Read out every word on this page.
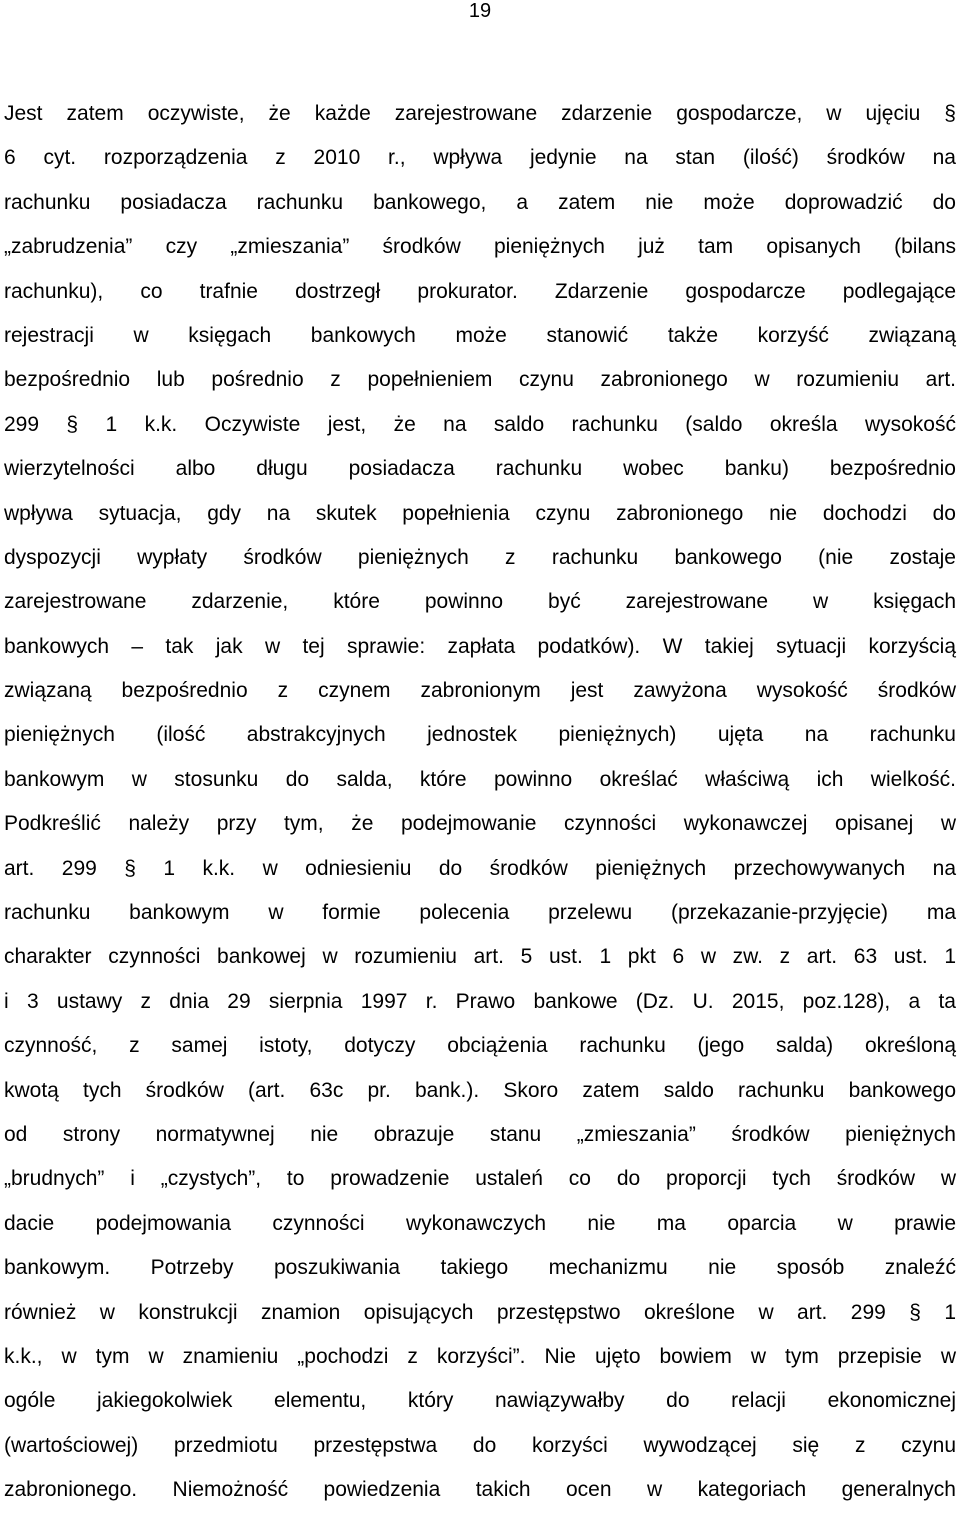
19
Jest zatem oczywiste, że każde zarejestrowane zdarzenie gospodarcze, w ujęciu §
6 cyt. rozporządzenia z 2010 r., wpływa jedynie na stan (ilość) środków na
rachunku posiadacza rachunku bankowego, a zatem nie może doprowadzić do
„zabrudzenia” czy „zmieszania” środków pieniężnych już tam opisanych (bilans
rachunku), co trafnie dostrzegł prokurator. Zdarzenie gospodarcze podlegające
rejestracji w księgach bankowych może stanowić także korzyść związaną
bezpośrednio lub pośrednio z popełnieniem czynu zabronionego w rozumieniu art.
299 § 1 k.k. Oczywiste jest, że na saldo rachunku (saldo określa wysokość
wierzytelności albo długu posiadacza rachunku wobec banku) bezpośrednio
wpływa sytuacja, gdy na skutek popełnienia czynu zabronionego nie dochodzi do
dyspozycji wypłaty środków pieniężnych z rachunku bankowego (nie zostaje
zarejestrowane zdarzenie, które powinno być zarejestrowane w księgach
bankowych – tak jak w tej sprawie: zapłata podatków). W takiej sytuacji korzyścią
związaną bezpośrednio z czynem zabronionym jest zawyżona wysokość środków
pieniężnych (ilość abstrakcyjnych jednostek pieniężnych) ujęta na rachunku
bankowym w stosunku do salda, które powinno określać właściwą ich wielkość.
Podkreślić należy przy tym, że podejmowanie czynności wykonawczej opisanej w
art. 299 § 1 k.k. w odniesieniu do środków pieniężnych przechowywanych na
rachunku bankowym w formie polecenia przelewu (przekazanie-przyjęcie) ma
charakter czynności bankowej w rozumieniu art. 5 ust. 1 pkt 6 w zw. z art. 63 ust. 1
i 3 ustawy z dnia 29 sierpnia 1997 r. Prawo bankowe (Dz. U. 2015, poz.128), a ta
czynność, z samej istoty, dotyczy obciążenia rachunku (jego salda) określoną
kwotą tych środków (art. 63c pr. bank.). Skoro zatem saldo rachunku bankowego
od strony normatywnej nie obrazuje stanu „zmieszania” środków pieniężnych
„brudnych” i „czystych”, to prowadzenie ustaleń co do proporcji tych środków w
dacie podejmowania czynności wykonawczych nie ma oparcia w prawie
bankowym. Potrzeby poszukiwania takiego mechanizmu nie sposób znaleźć
również w konstrukcji znamion opisujących przestępstwo określone w art. 299 § 1
k.k., w tym w znamieniu „pochodzi z korzyści”. Nie ujęto bowiem w tym przepisie w
ogóle jakiegokolwiek elementu, który nawiązywałby do relacji ekonomicznej
(wartościowej) przedmiotu przestępstwa do korzyści wywodzącej się z czynu
zabronionego. Niemożność powiedzenia takich ocen w kategoriach generalnych
